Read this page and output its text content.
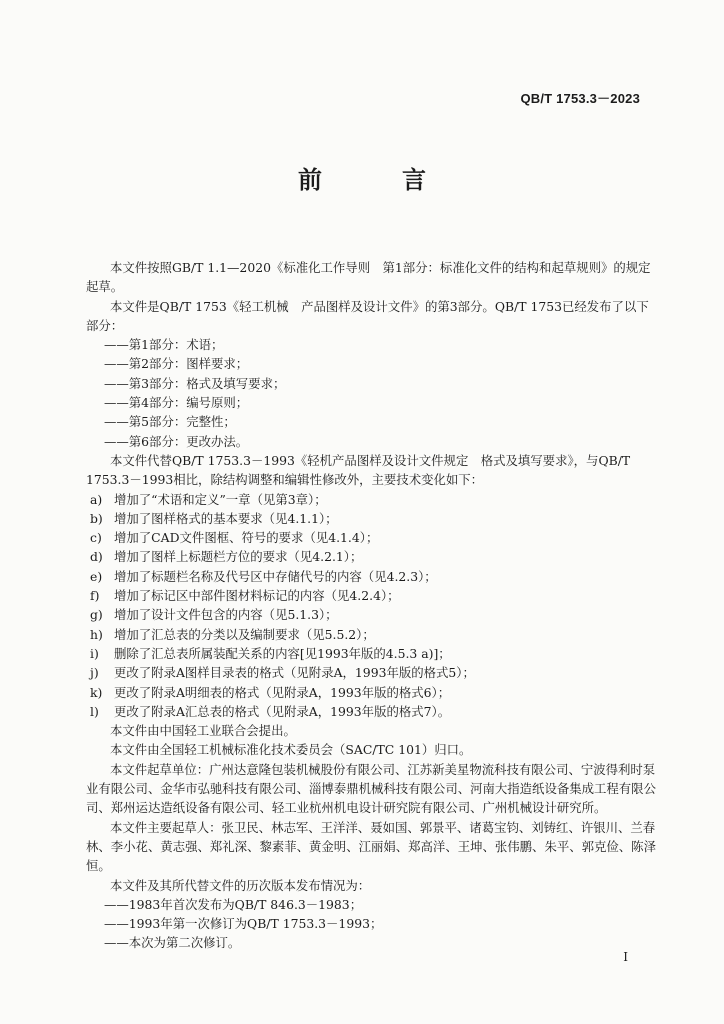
QB/T 1753.3－2023
前　言

本文件按照GB/T 1.1—2020《标准化工作导则　第1部分：标准化文件的结构和起草规则》的规定起草。

本文件是QB/T 1753《轻工机械　产品图样及设计文件》的第3部分。QB/T 1753已经发布了以下部分：

——第1部分：术语；

——第2部分：图样要求；

——第3部分：格式及填写要求；

——第4部分：编号原则；

——第5部分：完整性；

——第6部分：更改办法。

本文件代替QB/T 1753.3－1993《轻机产品图样及设计文件规定　格式及填写要求》，与QB/T 1753.3－1993相比，除结构调整和编辑性修改外，主要技术变化如下：

a) 增加了“术语和定义”一章（见第3章）；

b) 增加了图样格式的基本要求（见4.1.1）；

c) 增加了CAD文件图框、符号的要求（见4.1.4）；

d) 增加了图样上标题栏方位的要求（见4.2.1）；

e) 增加了标题栏名称及代号区中存储代号的内容（见4.2.3）；

f)	增加了标记区中部件图材料标记的内容（见4.2.4）；

g) 增加了设计文件包含的内容（见5.1.3）；

h) 增加了汇总表的分类以及编制要求（见5.5.2）；

i)	删除了汇总表所属装配关系的内容[见1993年版的4.5.3 a)]；

j)	更改了附录A图样目录表的格式（见附录A，1993年版的格式5）；

k) 更改了附录A明细表的格式（见附录A，1993年版的格式6）；

l)	更改了附录A汇总表的格式（见附录A，1993年版的格式7）。

本文件由中国轻工业联合会提出。

本文件由全国轻工机械标准化技术委员会（SAC/TC 101）归口。

本文件起草单位：广州达意隆包装机械股份有限公司、江苏新美星物流科技有限公司、宁波得利时泵业有限公司、金华市弘驰科技有限公司、淄博泰鼎机械科技有限公司、河南大指造纸设备集成工程有限公司、郑州运达造纸设备有限公司、轻工业杭州机电设计研究院有限公司、广州机械设计研究所。

本文件主要起草人：张卫民、林志军、王洋洋、聂如国、郭景平、诸葛宝钧、刘铸红、许银川、兰春林、李小花、黄志强、郑礼深、黎素菲、黄金明、江丽娟、郑高洋、王坤、张伟鹏、朱平、郭克俭、陈泽恒。

本文件及其所代替文件的历次版本发布情况为：

——1983年首次发布为QB/T 846.3－1983；

——1993年第一次修订为QB/T 1753.3－1993；

——本次为第二次修订。

I
